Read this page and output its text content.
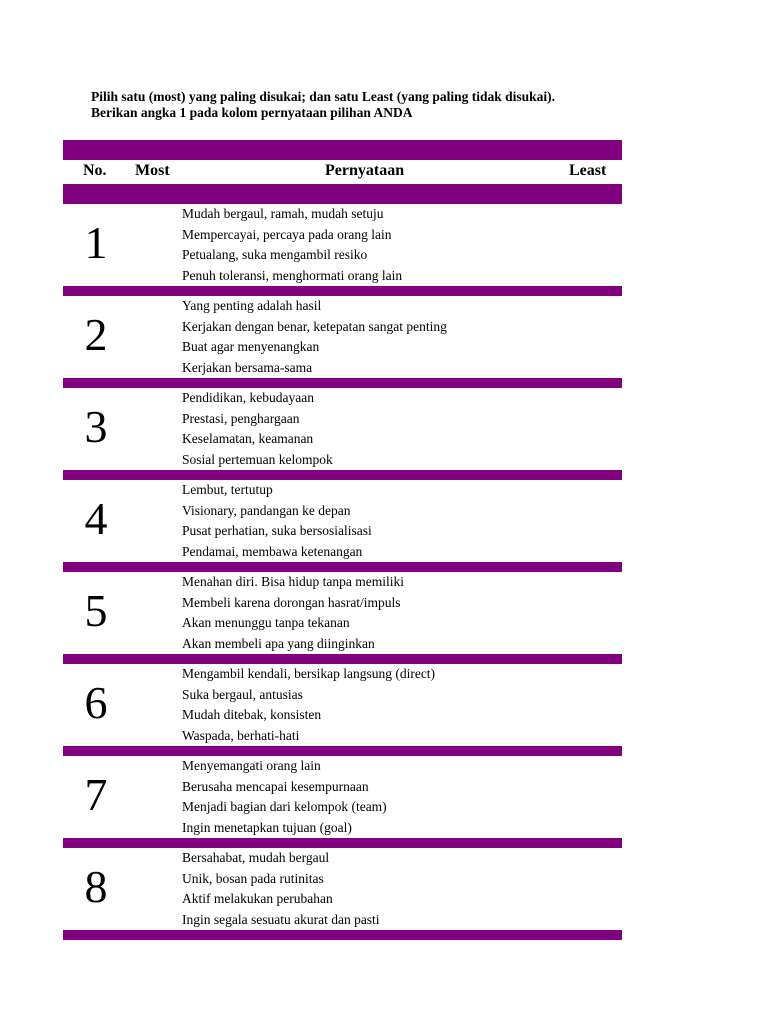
Pilih satu (most) yang paling disukai; dan satu Least (yang paling tidak disukai).
Berikan angka 1 pada kolom pernyataan pilihan ANDA
No. Most	Pernyataan	Least
1
Mudah bergaul, ramah, mudah setuju
Mempercayai, percaya pada orang lain
Petualang, suka mengambil resiko
Penuh toleransi, menghormati orang lain
2
Yang penting adalah hasil
Kerjakan dengan benar, ketepatan sangat penting
Buat agar menyenangkan
Kerjakan bersama-sama
3
Pendidikan, kebudayaan
Prestasi, penghargaan
Keselamatan, keamanan
Sosial pertemuan kelompok
4
Lembut, tertutup
Visionary, pandangan ke depan
Pusat perhatian, suka bersosialisasi
Pendamai, membawa ketenangan
5
Menahan diri. Bisa hidup tanpa memiliki
Membeli karena dorongan hasrat/impuls
Akan menunggu tanpa tekanan
Akan membeli apa yang diinginkan
6
Mengambil kendali, bersikap langsung (direct)
Suka bergaul, antusias
Mudah ditebak, konsisten
Waspada, berhati-hati
7
Menyemangati orang lain
Berusaha mencapai kesempurnaan
Menjadi bagian dari kelompok (team)
Ingin menetapkan tujuan (goal)
8
Bersahabat, mudah bergaul
Unik, bosan pada rutinitas
Aktif melakukan perubahan
Ingin segala sesuatu akurat dan pasti
